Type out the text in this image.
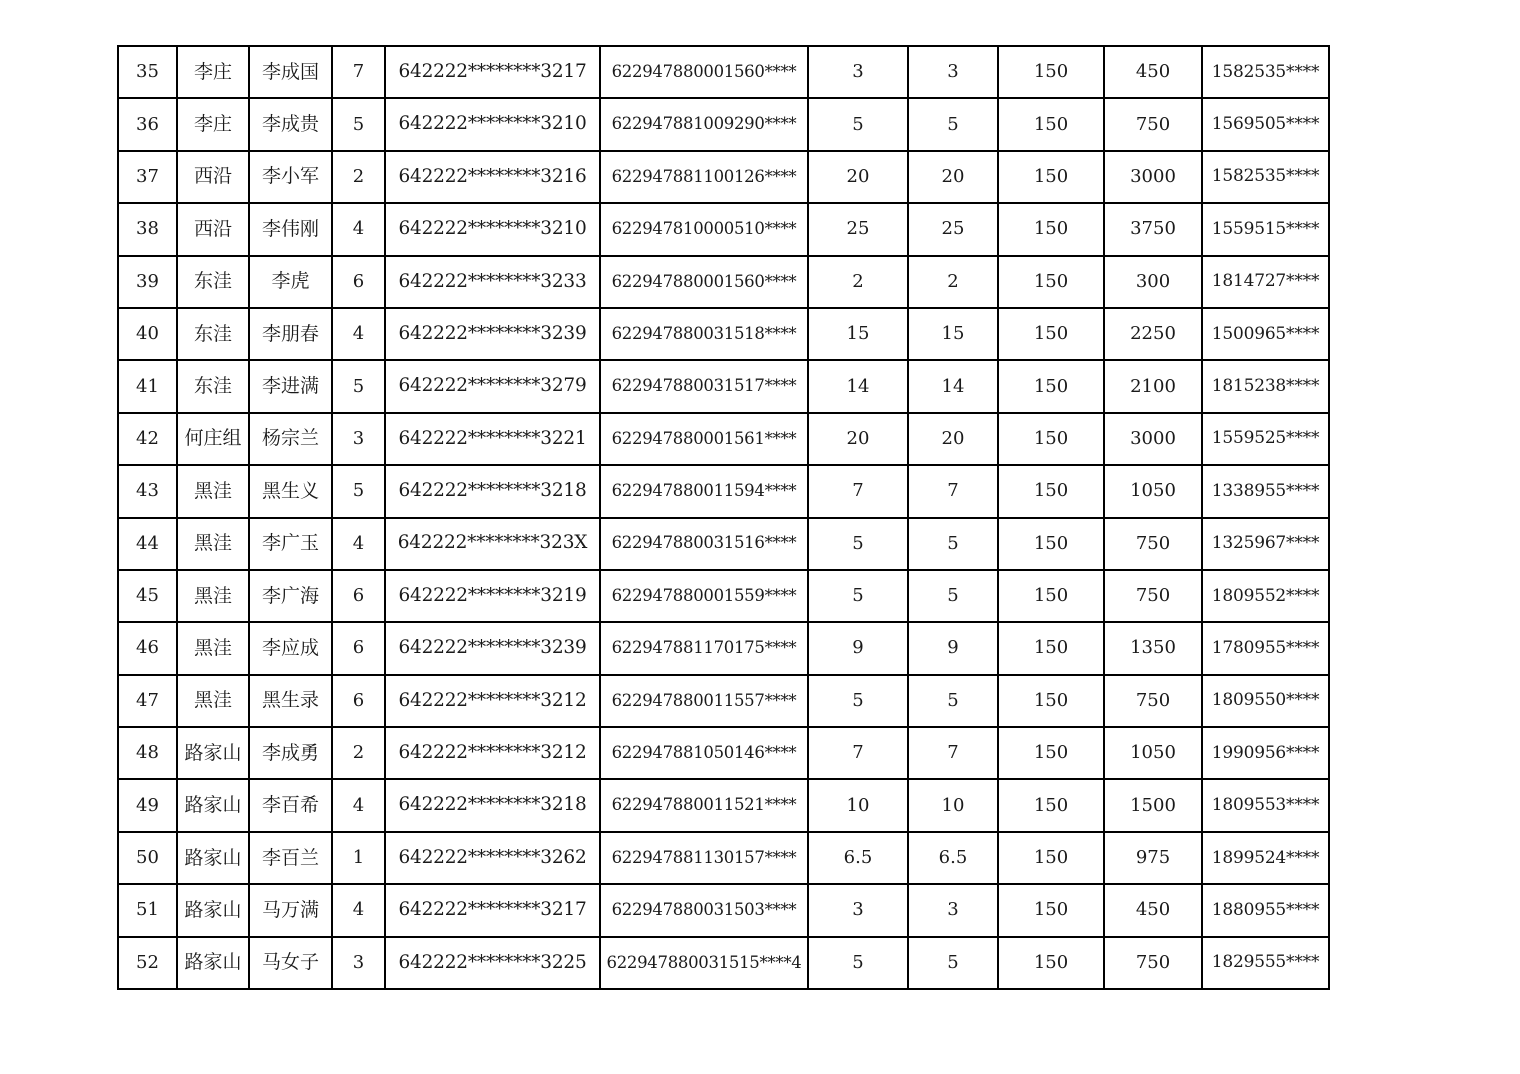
35	李庄	李成国	7	642222********3217	622947880001560****	3	3	150	450	1582535****
36	李庄	李成贵	5	642222********3210	622947881009290****	5	5	150	750	1569505****
37	西沿	李小军	2	642222********3216	622947881100126****	20	20	150	3000	1582535****
38	西沿	李伟刚	4	642222********3210	622947810000510****	25	25	150	3750	1559515****
39	东洼	李虎	6	642222********3233	622947880001560****	2	2	150	300	1814727****
40	东洼	李朋春	4	642222********3239	622947880031518****	15	15	150	2250	1500965****
41	东洼	李进满	5	642222********3279	622947880031517****	14	14	150	2100	1815238****
42	何庄组	杨宗兰	3	642222********3221	622947880001561****	20	20	150	3000	1559525****
43	黑洼	黑生义	5	642222********3218	622947880011594****	7	7	150	1050	1338955****
44	黑洼	李广玉	4	642222********323X	622947880031516****	5	5	150	750	1325967****
45	黑洼	李广海	6	642222********3219	622947880001559****	5	5	150	750	1809552****
46	黑洼	李应成	6	642222********3239	622947881170175****	9	9	150	1350	1780955****
47	黑洼	黑生录	6	642222********3212	622947880011557****	5	5	150	750	1809550****
48	路家山	李成勇	2	642222********3212	622947881050146****	7	7	150	1050	1990956****
49	路家山	李百希	4	642222********3218	622947880011521****	10	10	150	1500	1809553****
50	路家山	李百兰	1	642222********3262	622947881130157****	6.5	6.5	150	975	1899524****
51	路家山	马万满	4	642222********3217	622947880031503****	3	3	150	450	1880955****
52	路家山	马女子	3	642222********3225	622947880031515****4	5	5	150	750	1829555****
